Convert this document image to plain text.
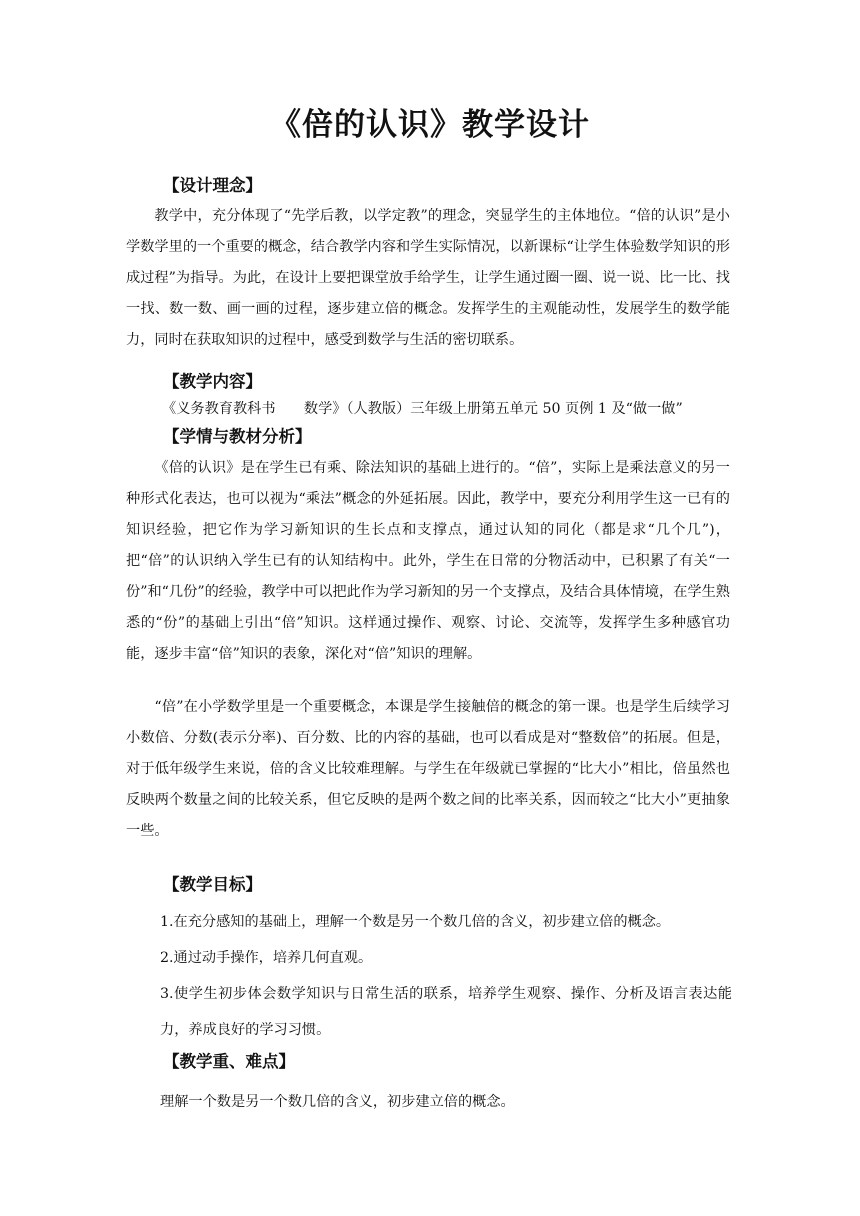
《倍的认识》教学设计
【设计理念】
教学中，充分体现了“先学后教，以学定教”的理念，突显学生的主体地位。“倍的认识”是小学数学里的一个重要的概念，结合教学内容和学生实际情况，以新课标“让学生体验数学知识的形成过程”为指导。为此，在设计上要把课堂放手给学生，让学生通过圈一圈、说一说、比一比、找一找、数一数、画一画的过程，逐步建立倍的概念。发挥学生的主观能动性，发展学生的数学能力，同时在获取知识的过程中，感受到数学与生活的密切联系。
【教学内容】
《义务教育教科书　　数学》（人教版）三年级上册第五单元 50 页例 1 及“做一做”
【学情与教材分析】
《倍的认识》是在学生已有乘、除法知识的基础上进行的。“倍”，实际上是乘法意义的另一种形式化表达，也可以视为“乘法”概念的外延拓展。因此，教学中，要充分利用学生这一已有的知识经验，把它作为学习新知识的生长点和支撑点，通过认知的同化（都是求“几个几”)，把“倍”的认识纳入学生已有的认知结构中。此外，学生在日常的分物活动中，已积累了有关“一份”和“几份”的经验，教学中可以把此作为学习新知的另一个支撑点，及结合具体情境，在学生熟悉的“份”的基础上引出“倍”知识。这样通过操作、观察、讨论、交流等，发挥学生多种感官功能，逐步丰富“倍”知识的表象，深化对“倍”知识的理解。
“倍”在小学数学里是一个重要概念，本课是学生接触倍的概念的第一课。也是学生后续学习小数倍、分数(表示分率)、百分数、比的内容的基础，也可以看成是对“整数倍”的拓展。但是，对于低年级学生来说，倍的含义比较难理解。与学生在年级就已掌握的“比大小”相比，倍虽然也反映两个数量之间的比较关系，但它反映的是两个数之间的比率关系，因而较之“比大小”更抽象一些。
【教学目标】
1.在充分感知的基础上，理解一个数是另一个数几倍的含义，初步建立倍的概念。
2.通过动手操作，培养几何直观。
3.使学生初步体会数学知识与日常生活的联系，培养学生观察、操作、分析及语言表达能力，养成良好的学习习惯。
【教学重、难点】
理解一个数是另一个数几倍的含义，初步建立倍的概念。
